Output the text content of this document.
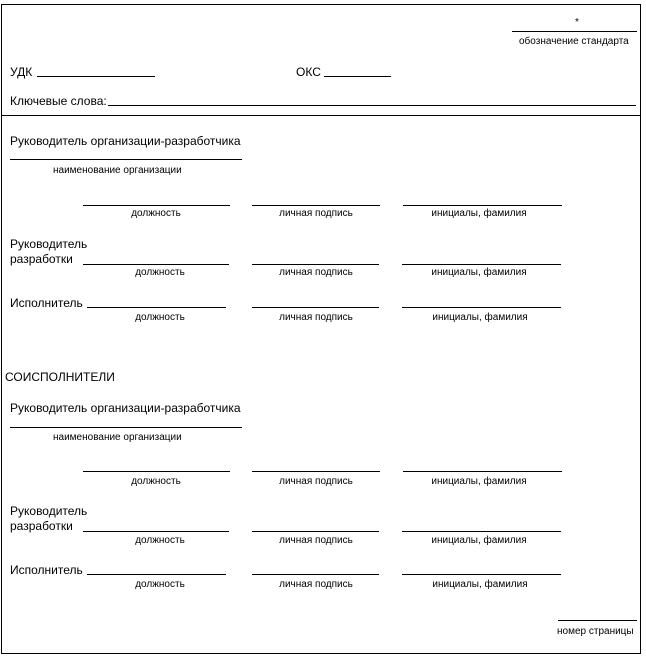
*
обозначение стандарта
УДК	ОКС
Ключевые слова:
Руководитель организации-разработчика
наименование организации
должность	личная подпись	инициалы, фамилия
Руководитель
разработки
должность	личная подпись	инициалы, фамилия
Исполнитель
должность	личная подпись	инициалы, фамилия
СОИСПОЛНИТЕЛИ
Руководитель организации-разработчика
наименование организации
должность	личная подпись	инициалы, фамилия
Руководитель
разработки
должность	личная подпись	инициалы, фамилия
Исполнитель
должность	личная подпись	инициалы, фамилия
номер страницы
